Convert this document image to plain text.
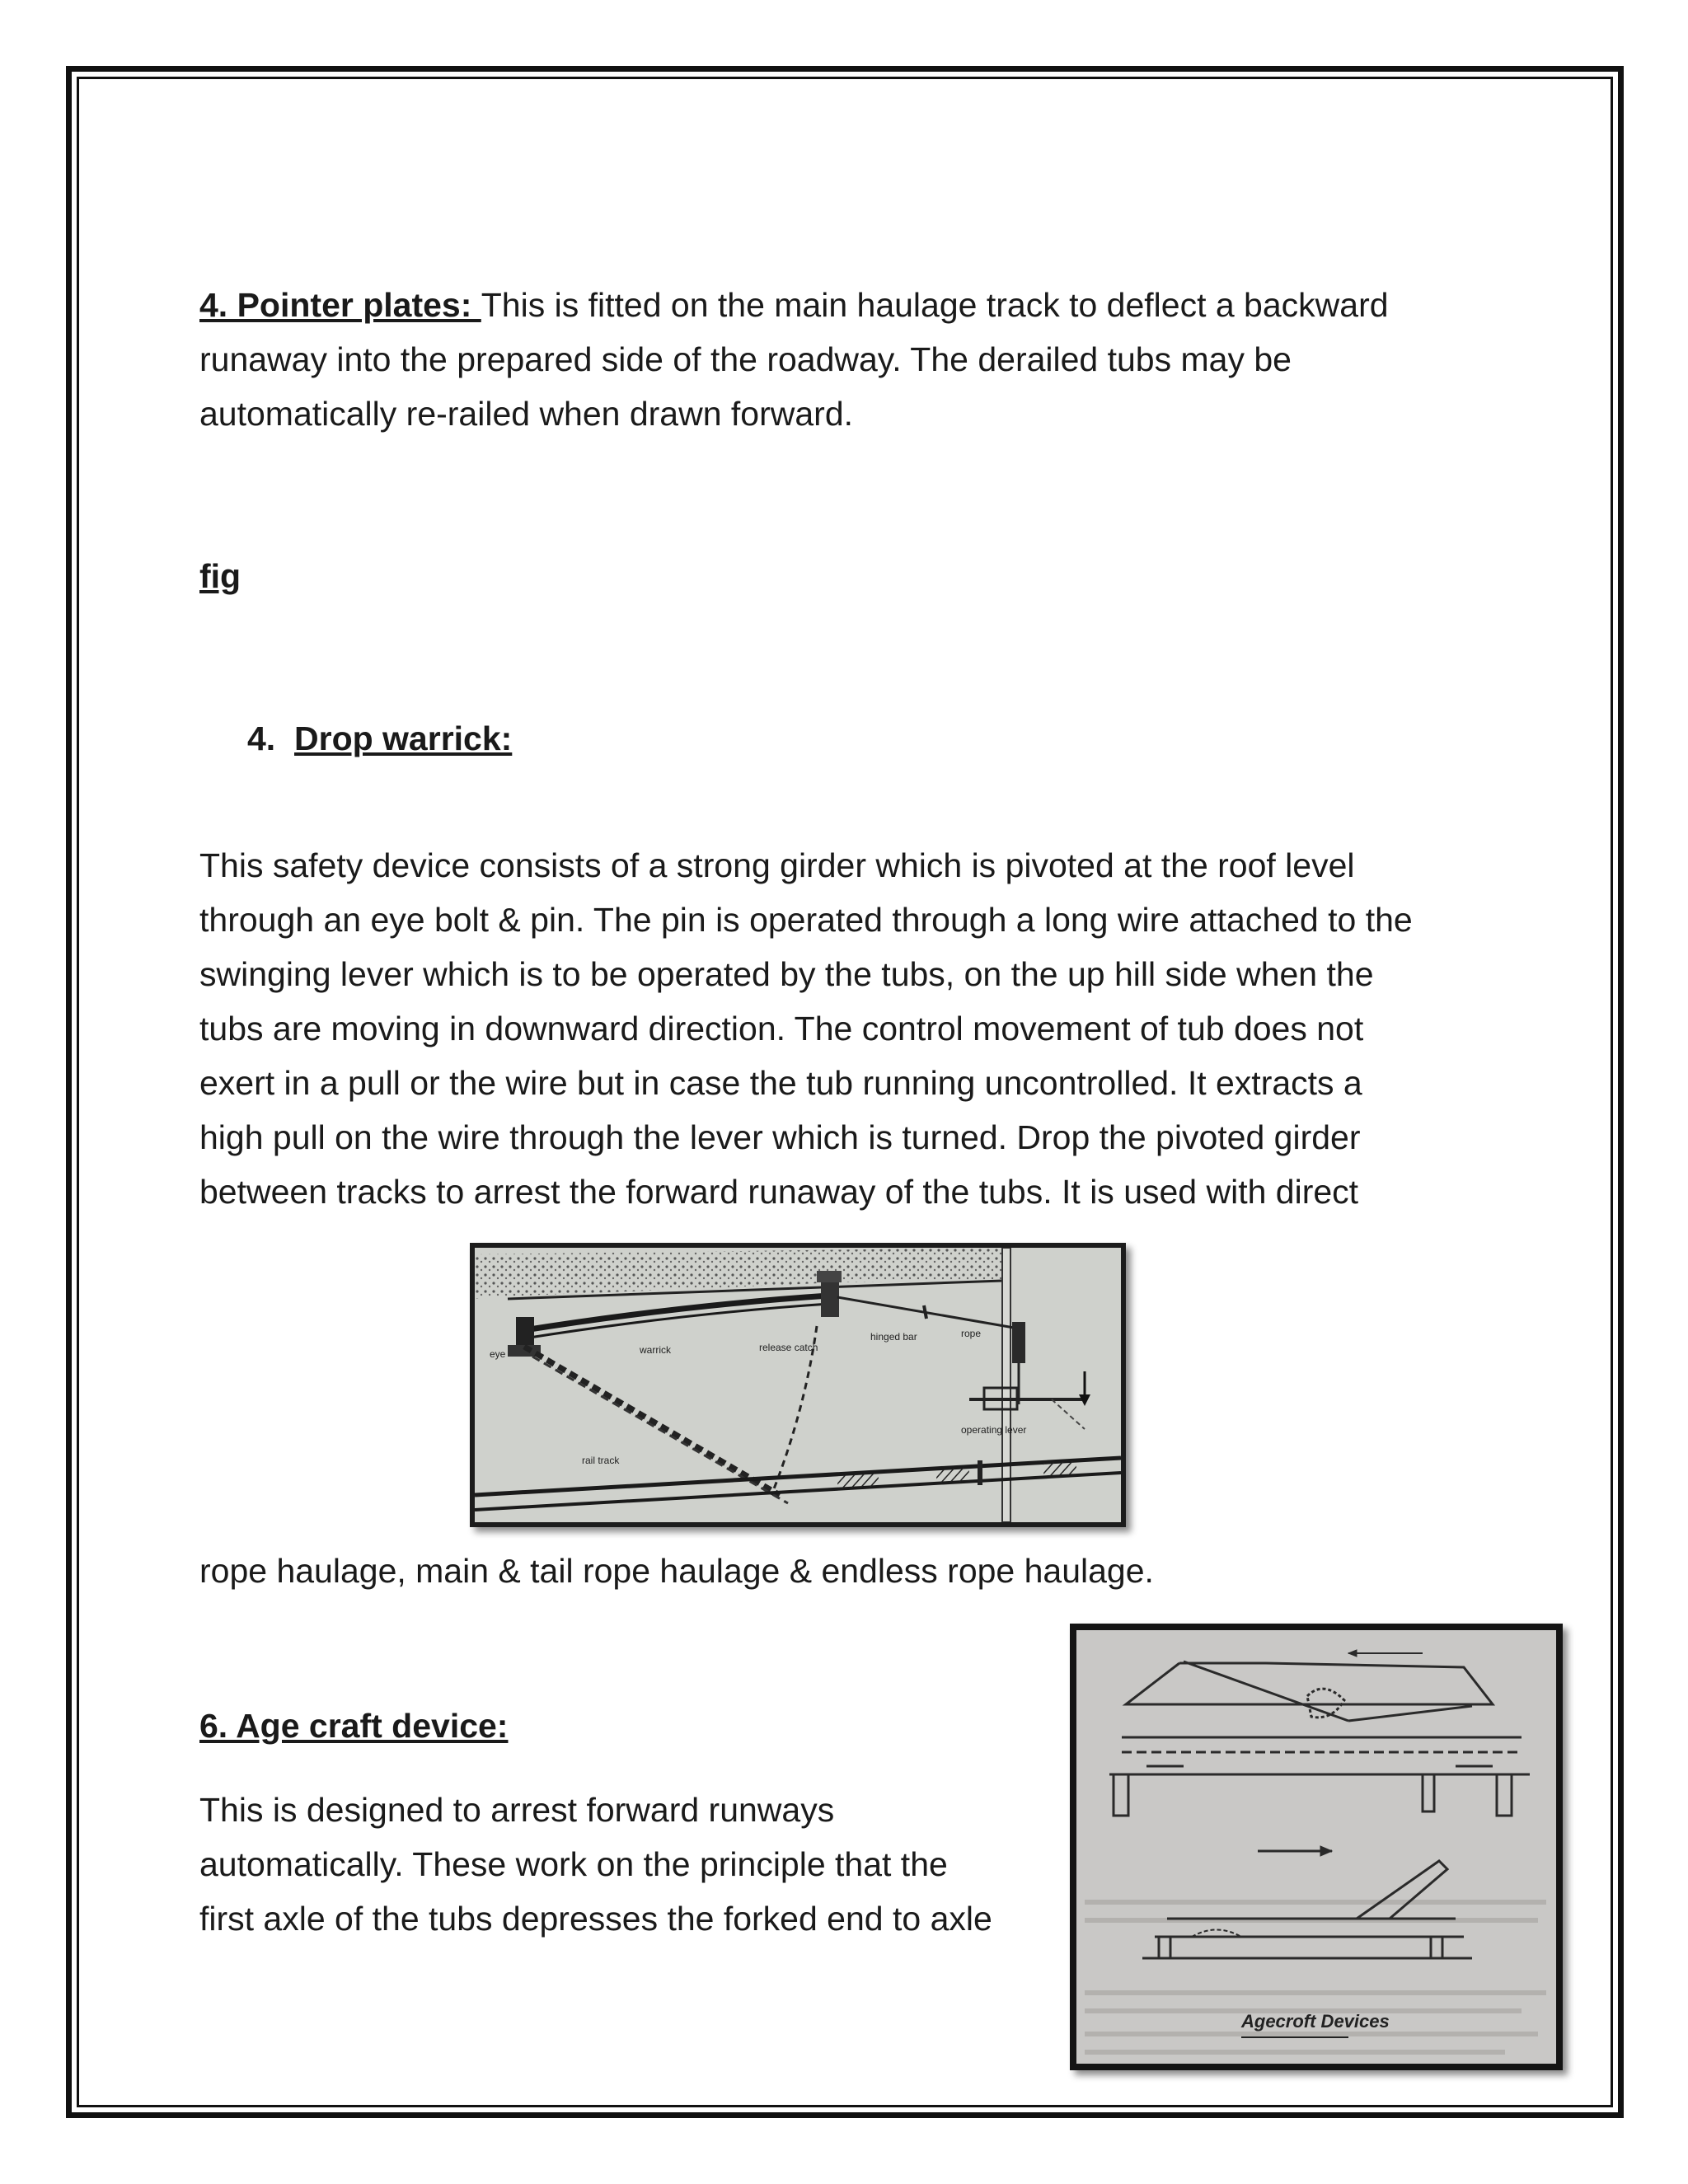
4. Pointer plates: This is fitted on the main haulage track to deflect a backward

runaway into the prepared side of the roadway. The derailed tubs may be

automatically re-railed when drawn forward.

fig

4. Drop warrick:

This safety device consists of a strong girder which is pivoted at the roof level

through an eye bolt & pin. The pin is operated through a long wire attached to the

swinging lever which is to be operated by the tubs, on the up hill side when the

tubs are moving in downward direction. The control movement of tub does not

exert in a pull or the wire but in case the tub running uncontrolled. It extracts a

high pull on the wire through the lever which is turned. Drop the pivoted girder

between tracks to arrest the forward runaway of the tubs. It is used with direct

eye	warrick	release catch
hinged bar	rope
operating lever
rail track

rope haulage, main & tail rope haulage & endless rope haulage.

6. Age craft device:

This is designed to arrest forward runways

automatically. These work on the principle that the

first axle of the tubs depresses the forked end to axle

Agecroft Devices
